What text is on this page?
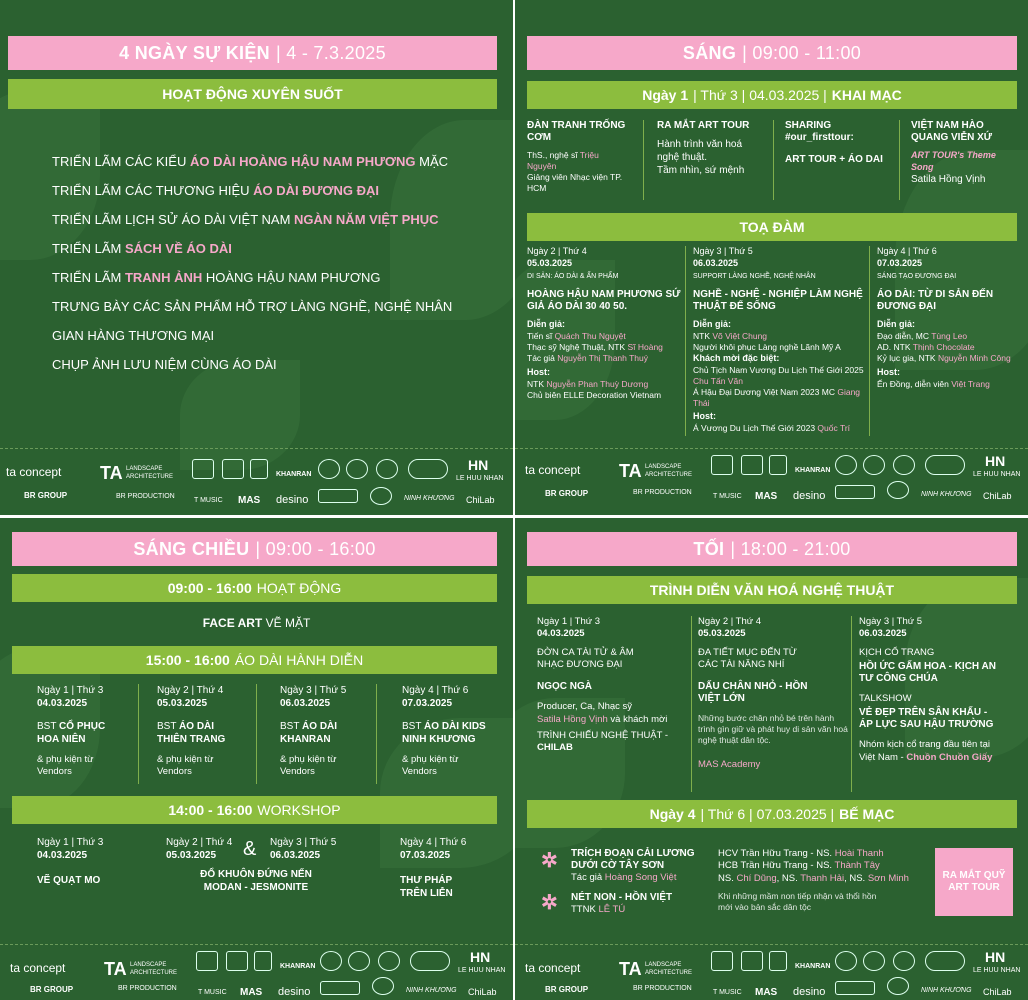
4 NGÀY SỰ KIỆN | 4 - 7.3.2025
HOẠT ĐỘNG XUYÊN SUỐT
TRIỂN LÃM CÁC KIỂU ÁO DÀI HOÀNG HẬU NAM PHƯƠNG MẶC
TRIỂN LÃM CÁC THƯƠNG HIỆU ÁO DÀI ĐƯƠNG ĐẠI
TRIỂN LÃM LỊCH SỬ ÁO DÀI VIỆT NAM NGÀN NĂM VIỆT PHỤC
TRIỂN LÃM SÁCH VỀ ÁO DÀI
TRIỂN LÃM TRANH ẢNH HOÀNG HẬU NAM PHƯƠNG
TRƯNG BÀY CÁC SẢN PHẨM HỖ TRỢ LÀNG NGHỀ, NGHỆ NHÂN
GIAN HÀNG THƯƠNG MẠI
CHỤP ẢNH LƯU NIỆM CÙNG ÁO DÀI
ta concept
BR GROUP
TA LANDSCAPE
ARCHITECTURE
BR PRODUCTION
KHANRAN
HN
LE HUU NHAN
T MUSIC MAS desino	NINH KHƯƠNG ChiLab
SÁNG | 09:00 - 11:00
Ngày 1 | Thứ 3 | 04.03.2025 | KHAI MẠC
ĐÀN TRANH TRỐNG CƠM
ThS., nghệ sĩ Triệu Nguyên
Giảng viên Nhạc viện TP. HCM
RA MẮT ART TOUR
Hành trình văn hoá nghệ thuật.
Tầm nhìn, sứ mệnh
SHARING
#our_firsttour:
ART TOUR + ÁO DAI
VIỆT NAM HÀO QUANG VIỄN XỨ
ART TOUR's Theme Song
Satila Hồng Vịnh
TOẠ ĐÀM
Ngày 2 | Thứ 4
05.03.2025
DI SẢN: ÁO DÀI & ẨN PHẨM
HOÀNG HẬU NAM PHƯƠNG SỨ GIẢ ÁO DÀI 30 40 50.
Diễn giả:
Tiến sĩ Quách Thu Nguyệt
Thạc sỹ Nghệ Thuật, NTK Sĩ Hoàng
Tác giả Nguyễn Thị Thanh Thuý
Host:
NTK Nguyễn Phan Thuỳ Dương
Chủ biên ELLE Decoration Vietnam
Ngày 3 | Thứ 5
06.03.2025
SUPPORT LÀNG NGHỀ, NGHỆ NHÂN
NGHỀ - NGHỆ - NGHIỆP LÀM NGHỆ THUẬT ĐỂ SỐNG
Diễn giả:
NTK Võ Việt Chung
Người khôi phục Làng nghề Lãnh Mỹ A
Khách mời đặc biệt:
Chủ Tịch Nam Vương Du Lịch Thế Giới 2025
Chu Tấn Văn
Á Hậu Đại Dương Việt Nam 2023 MC Giang Thái
Host:
Á Vương Du Lịch Thế Giới 2023 Quốc Trí
Ngày 4 | Thứ 6
07.03.2025
SÁNG TẠO ĐƯƠNG ĐẠI
ÁO DÀI: TỪ DI SẢN ĐẾN ĐƯƠNG ĐẠI
Diễn giả:
Đạo diễn, MC Tùng Leo
AD. NTK Thịnh Chocolate
Kỷ lục gia, NTK Nguyễn Minh Công
Host:
Ến Đồng, diễn viên Việt Trang
ta concept
BR GROUP
TA LANDSCAPE
ARCHITECTURE
BR PRODUCTION
KHANRAN
HN
LE HUU NHAN
T MUSIC MAS desino	NINH KHƯƠNG ChiLab
SÁNG CHIỀU | 09:00 - 16:00
09:00 - 16:00 HOẠT ĐỘNG
FACE ART VẼ MẶT
15:00 - 16:00 ÁO DÀI HÀNH DIỄN
Ngày 1 | Thứ 3
04.03.2025
BST CỔ PHỤC
HOA NIÊN
& phụ kiện từ Vendors
Ngày 2 | Thứ 4
05.03.2025
BST ÁO DÀI
THIÊN TRANG
& phụ kiện từ Vendors
Ngày 3 | Thứ 5
06.03.2025
BST ÁO DÀI
KHANRAN
& phụ kiện từ Vendors
Ngày 4 | Thứ 6
07.03.2025
BST ÁO DÀI KIDS
NINH KHƯƠNG
& phụ kiện từ Vendors
14:00 - 16:00 WORKSHOP
Ngày 1 | Thứ 3
04.03.2025
VẼ QUẠT MO
Ngày 2 | Thứ 4
05.03.2025	& Ngày 3 | Thứ 5
06.03.2025
ĐỔ KHUÔN ĐỨNG NẾN
MODAN - JESMONITE
Ngày 4 | Thứ 6
07.03.2025
THƯ PHÁP
TRÊN LIỄN
ta concept
BR GROUP
TA LANDSCAPE
ARCHITECTURE
BR PRODUCTION
KHANRAN
HN
LE HUU NHAN
T MUSIC MAS desino	NINH KHƯƠNG ChiLab
TỐI | 18:00 - 21:00
TRÌNH DIỄN VĂN HOÁ NGHỆ THUẬT
Ngày 1 | Thứ 3
04.03.2025
ĐỜN CA TÀI TỬ & ÂM NHẠC ĐƯƠNG ĐẠI
NGỌC NGÀ
Producer, Ca, Nhạc sỹ
Satila Hồng Vịnh và khách mời
TRÌNH CHIẾU NGHỆ THUẬT -
CHILAB
Ngày 2 | Thứ 4
05.03.2025
ĐA TIẾT MỤC ĐẾN TỪ CÁC TÀI NĂNG NHÍ
DẤU CHÂN NHỎ - HỒN VIỆT LỚN
Những bước chân nhỏ bé trên hành trình gìn giữ và phát huy di sản văn hoá nghệ thuật dân tộc.
MAS Academy
Ngày 3 | Thứ 5
06.03.2025
KỊCH CỔ TRANG
HỒI ỨC GẤM HOA - KỊCH AN TƯ CÔNG CHÚA
TALKSHOW
VẺ ĐẸP TRÊN SÂN KHẤU - ÁP LỰC SAU HẬU TRƯỜNG
Nhóm kịch cổ trang đầu tiên tại
Việt Nam - Chuồn Chuồn Giấy
Ngày 4 | Thứ 6 | 07.03.2025 | BẾ MẠC
✲ TRÍCH ĐOẠN CẢI LƯƠNG DƯỚI CỜ TÂY SƠN
Tác giả Hoàng Song Việt
✲ NÉT NON - HỒN VIỆT
TTNK LÊ TÚ
HCV Trần Hữu Trang - NS. Hoài Thanh
HCB Trần Hữu Trang - NS. Thành Tây
NS. Chí Dũng, NS. Thanh Hải, NS. Sơn Minh
Khi những mầm non tiếp nhận và thổi hồn mới vào bản sắc dân tộc
RA MẮT QUỸ ART TOUR
ta concept
BR GROUP
TA LANDSCAPE
ARCHITECTURE
BR PRODUCTION
KHANRAN
HN
LE HUU NHAN
T MUSIC MAS desino	NINH KHƯƠNG ChiLab
